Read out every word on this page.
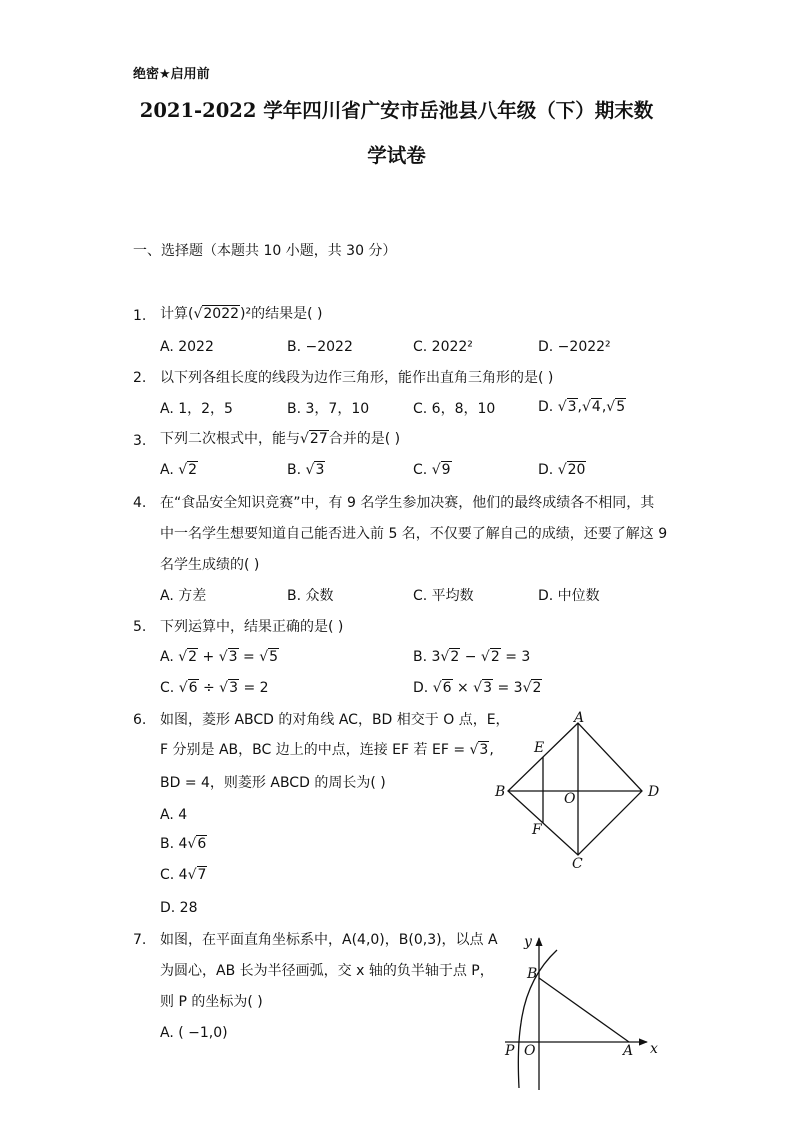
绝密★启用前
2021-2022 学年四川省广安市岳池县八年级（下）期末数
学试卷
一、选择题（本题共 10 小题，共 30 分）
1. 计算(√2022)²的结果是( )
A. 2022	B. −2022	C. 2022²	D. −2022²
2. 以下列各组长度的线段为边作三角形，能作出直角三角形的是( )
A. 1，2，5	B. 3，7，10	C. 6，8，10	D. √3,√4,√5
3. 下列二次根式中，能与√27合并的是( )
A. √2	B. √3	C. √9	D. √20
4. 在“食品安全知识竞赛”中，有 9 名学生参加决赛，他们的最终成绩各不相同，其
中一名学生想要知道自己能否进入前 5 名，不仅要了解自己的成绩，还要了解这 9
名学生成绩的( )
A. 方差	B. 众数	C. 平均数	D. 中位数
5. 下列运算中，结果正确的是( )
A. √2 + √3 = √5	B. 3√2 − √2 = 3
C. √6 ÷ √3 = 2	D. √6 × √3 = 3√2
6. 如图，菱形 ABCD 的对角线 AC，BD 相交于 O 点，E，
F 分别是 AB，BC 边上的中点，连接 EF 若 EF = √3,
BD = 4，则菱形 ABCD 的周长为( )
A. 4
B. 4√6
C. 4√7
D. 28
A
B
C
D
E
F
O
7. 如图，在平面直角坐标系中，A(4,0)，B(0,3)，以点 A
为圆心，AB 长为半径画弧，交 x 轴的负半轴于点 P，
则 P 的坐标为( )
A. ( −1,0)
y
x
B
P O	A
